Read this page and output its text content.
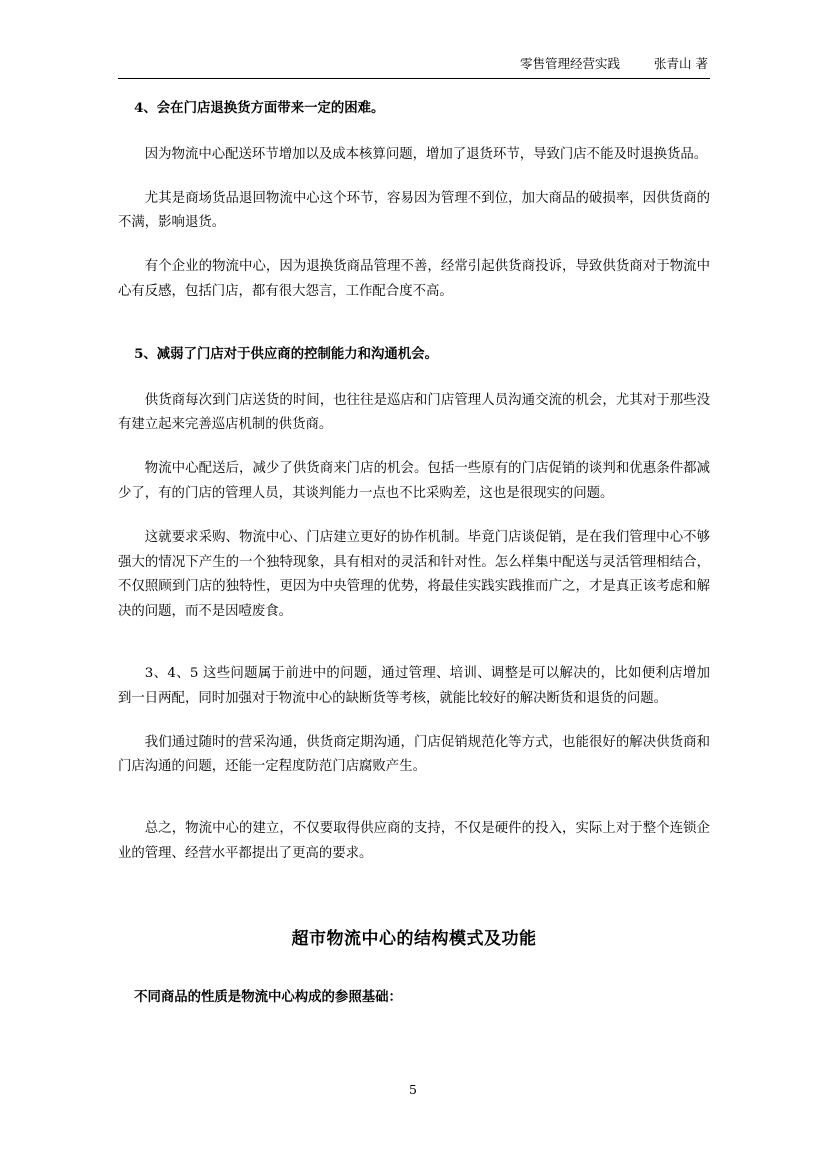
零售管理经营实践	张青山 著

4、会在门店退换货方面带来一定的困难。

因为物流中心配送环节增加以及成本核算问题，增加了退货环节，导致门店不能及时退换货品。

尤其是商场货品退回物流中心这个环节，容易因为管理不到位，加大商品的破损率，因供货商的不满，影响退货。

有个企业的物流中心，因为退换货商品管理不善，经常引起供货商投诉，导致供货商对于物流中心有反感，包括门店，都有很大怨言，工作配合度不高。

5、减弱了门店对于供应商的控制能力和沟通机会。

供货商每次到门店送货的时间，也往往是巡店和门店管理人员沟通交流的机会，尤其对于那些没有建立起来完善巡店机制的供货商。

物流中心配送后，减少了供货商来门店的机会。包括一些原有的门店促销的谈判和优惠条件都减少了，有的门店的管理人员，其谈判能力一点也不比采购差，这也是很现实的问题。

这就要求采购、物流中心、门店建立更好的协作机制。毕竟门店谈促销，是在我们管理中心不够强大的情况下产生的一个独特现象，具有相对的灵活和针对性。怎么样集中配送与灵活管理相结合，不仅照顾到门店的独特性，更因为中央管理的优势，将最佳实践实践推而广之，才是真正该考虑和解决的问题，而不是因噎废食。

3、4、5 这些问题属于前进中的问题，通过管理、培训、调整是可以解决的，比如便利店增加到一日两配，同时加强对于物流中心的缺断货等考核，就能比较好的解决断货和退货的问题。

我们通过随时的营采沟通，供货商定期沟通，门店促销规范化等方式，也能很好的解决供货商和门店沟通的问题，还能一定程度防范门店腐败产生。

总之，物流中心的建立，不仅要取得供应商的支持，不仅是硬件的投入，实际上对于整个连锁企业的管理、经营水平都提出了更高的要求。

超市物流中心的结构模式及功能

不同商品的性质是物流中心构成的参照基础：

5
